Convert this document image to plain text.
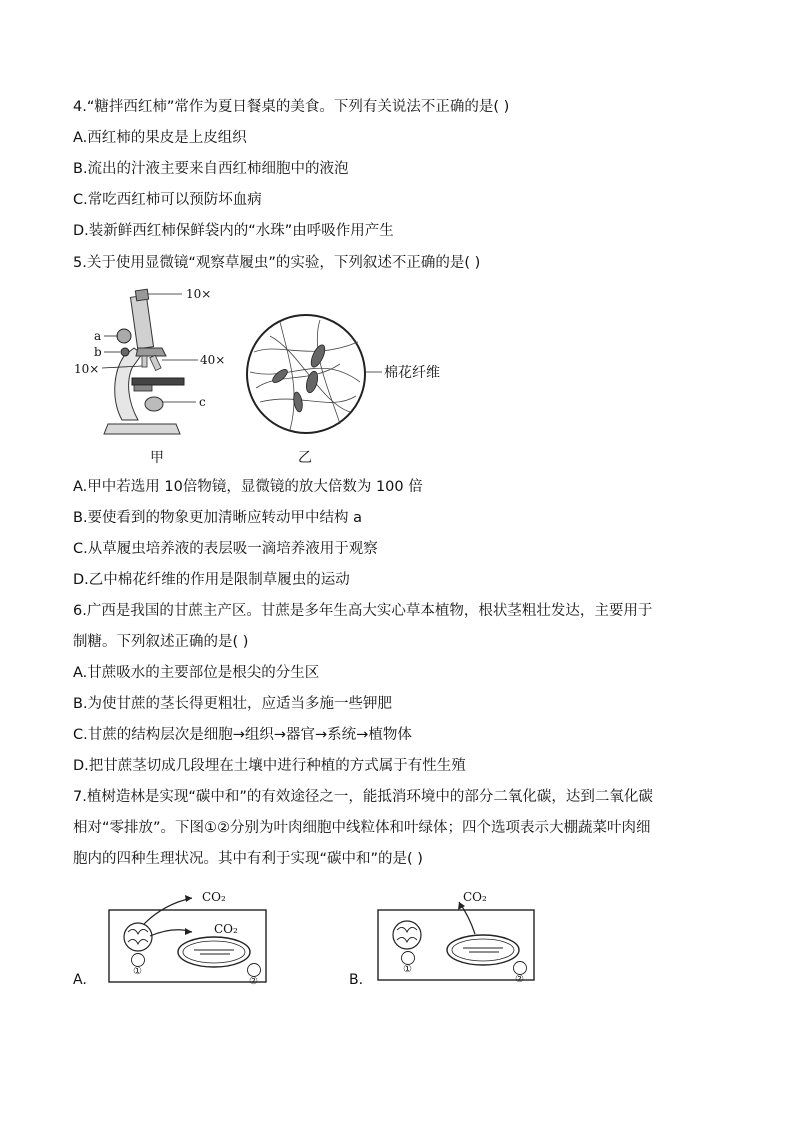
4.“糖拌西红柿”常作为夏日餐桌的美食。下列有关说法不正确的是( )
A.西红柿的果皮是上皮组织
B.流出的汁液主要来自西红柿细胞中的液泡
C.常吃西红柿可以预防坏血病
D.装新鲜西红柿保鲜袋内的“水珠”由呼吸作用产生
5.关于使用显微镜“观察草履虫”的实验，下列叙述不正确的是( )
10×
a
b
10×
40×
c
棉花纤维
甲	乙
A.甲中若选用 10倍物镜，显微镜的放大倍数为 100 倍
B.要使看到的物象更加清晰应转动甲中结构 a
C.从草履虫培养液的表层吸一滴培养液用于观察
D.乙中棉花纤维的作用是限制草履虫的运动
6.广西是我国的甘蔗主产区。甘蔗是多年生高大实心草本植物，根状茎粗壮发达，主要用于
制糖。下列叙述正确的是( )
A.甘蔗吸水的主要部位是根尖的分生区
B.为使甘蔗的茎长得更粗壮，应适当多施一些钾肥
C.甘蔗的结构层次是细胞→组织→器官→系统→植物体
D.把甘蔗茎切成几段埋在土壤中进行种植的方式属于有性生殖
7.植树造林是实现“碳中和”的有效途径之一，能抵消环境中的部分二氧化碳，达到二氧化碳
相对“零排放”。下图①②分别为叶肉细胞中线粒体和叶绿体；四个选项表示大棚蔬菜叶肉细
胞内的四种生理状况。其中有利于实现“碳中和”的是( )
A.
CO₂
CO₂
①
②	B.
CO₂
①
②
